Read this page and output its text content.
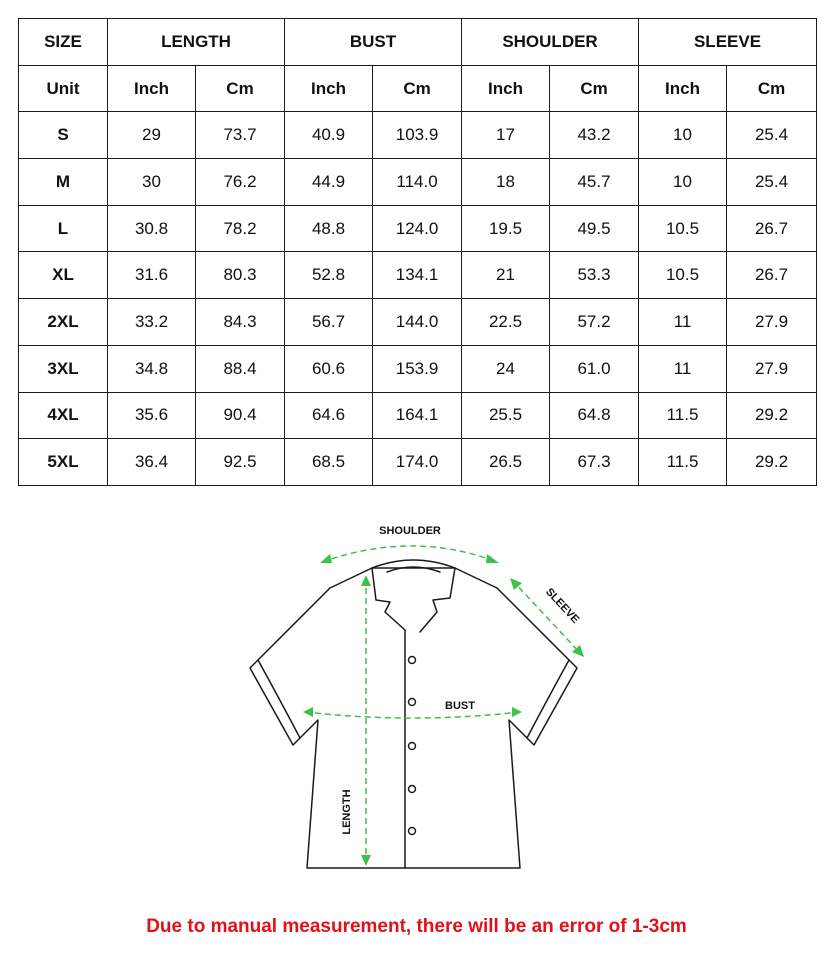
SIZE	LENGTH		BUST		SHOULDER		SLEEVE	
Unit	Inch	Cm	Inch	Cm	Inch	Cm	Inch	Cm
S	29	73.7	40.9	103.9	17	43.2	10	25.4
M	30	76.2	44.9	114.0	18	45.7	10	25.4
L	30.8	78.2	48.8	124.0	19.5	49.5	10.5	26.7
XL	31.6	80.3	52.8	134.1	21	53.3	10.5	26.7
2XL	33.2	84.3	56.7	144.0	22.5	57.2	11	27.9
3XL	34.8	88.4	60.6	153.9	24	61.0	11	27.9
4XL	35.6	90.4	64.6	164.1	25.5	64.8	11.5	29.2
5XL	36.4	92.5	68.5	174.0	26.5	67.3	11.5	29.2
SHOULDER
BUST
SLEEVE
LENGTH
Due to manual measurement, there will be an error of 1-3cm
